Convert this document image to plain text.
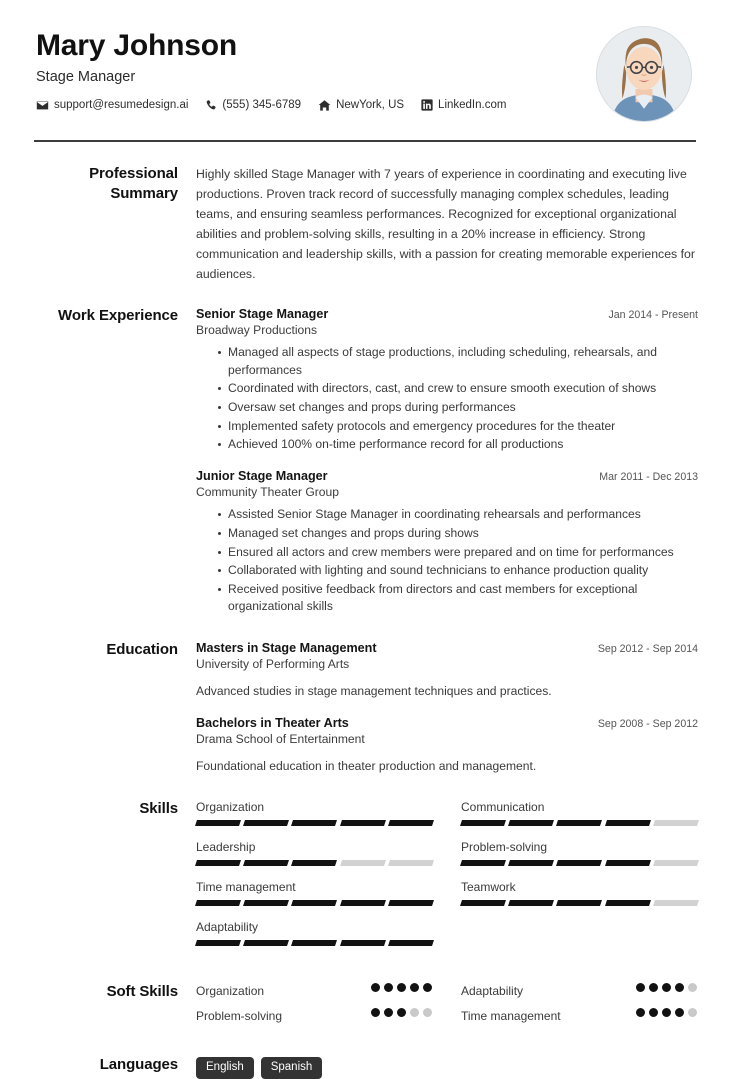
Mary Johnson
Stage Manager
support@resumedesign.ai	(555) 345-6789	NewYork, US	LinkedIn.com
Professional Summary
Highly skilled Stage Manager with 7 years of experience in coordinating and executing live productions. Proven track record of successfully managing complex schedules, leading teams, and ensuring seamless performances. Recognized for exceptional organizational abilities and problem-solving skills, resulting in a 20% increase in efficiency. Strong communication and leadership skills, with a passion for creating memorable experiences for audiences.
Work Experience	Senior Stage Manager	Jan 2014 - Present
Broadway Productions
Managed all aspects of stage productions, including scheduling, rehearsals, and performances
Coordinated with directors, cast, and crew to ensure smooth execution of shows
Oversaw set changes and props during performances
Implemented safety protocols and emergency procedures for the theater
Achieved 100% on-time performance record for all productions
Junior Stage Manager	Mar 2011 - Dec 2013
Community Theater Group
Assisted Senior Stage Manager in coordinating rehearsals and performances
Managed set changes and props during shows
Ensured all actors and crew members were prepared and on time for performances
Collaborated with lighting and sound technicians to enhance production quality
Received positive feedback from directors and cast members for exceptional organizational skills
Education	Masters in Stage Management	Sep 2012 - Sep 2014
University of Performing Arts
Advanced studies in stage management techniques and practices.
Bachelors in Theater Arts	Sep 2008 - Sep 2012
Drama School of Entertainment
Foundational education in theater production and management.
Skills	Organization	Communication
Leadership	Problem-solving
Time management	Teamwork
Adaptability
Soft Skills	Organization	Adaptability
Problem-solving	Time management
Languages	English	Spanish
